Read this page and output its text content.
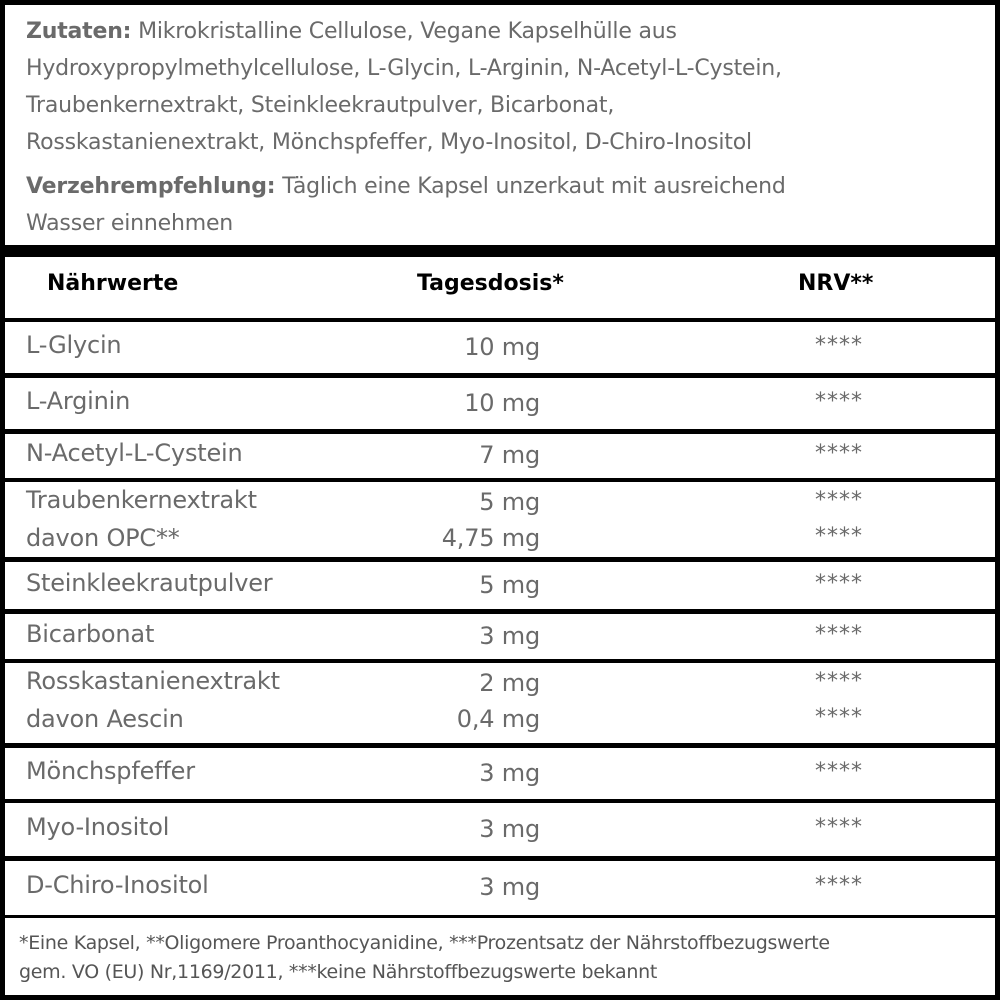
Zutaten: Mikrokristalline Cellulose, Vegane Kapselhülle aus
Hydroxypropylmethylcellulose, L-Glycin, L-Arginin, N-Acetyl-L-Cystein,
Traubenkernextrakt, Steinkleekrautpulver, Bicarbonat,
Rosskastanienextrakt, Mönchspfeffer, Myo-Inositol, D-Chiro-Inositol

Verzehrempfehlung: Täglich eine Kapsel unzerkaut mit ausreichend
Wasser einnehmen

Nährwerte	Tagesdosis*	NRV**
L-Glycin	10 mg	****
L-Arginin	10 mg	****
N-Acetyl-L-Cystein	7 mg	****
Traubenkernextrakt	5 mg	****
davon OPC**	4,75 mg	****
Steinkleekrautpulver	5 mg	****
Bicarbonat	3 mg	****
Rosskastanienextrakt	2 mg	****
davon Aescin	0,4 mg	****
Mönchspfeffer	3 mg	****
Myo-Inositol	3 mg	****
D-Chiro-Inositol	3 mg	****
*Eine Kapsel, **Oligomere Proanthocyanidine, ***Prozentsatz der Nährstoffbezugswerte
gem. VO (EU) Nr,1169/2011, ***keine Nährstoffbezugswerte bekannt
